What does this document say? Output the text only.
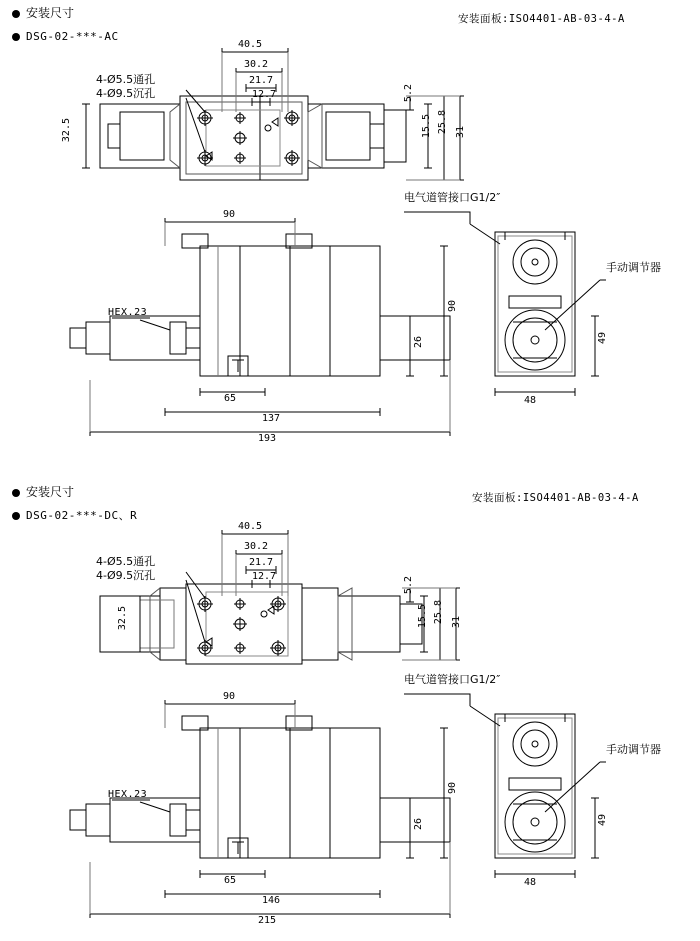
安装尺寸
DSG-02-***-AC
安装面板:ISO4401-AB-03-4-A
40.5
30.2
21.7
12.7	5.2
32.5	15.5 25.8 31
4-Ø5.5通孔
4-Ø9.5沉孔
90
65
137
193
90
26
HEX.23
48
49
电气道管接口G1/2″
手动调节器
安装尺寸
DSG-02-***-DC、R
安装面板:ISO4401-AB-03-4-A
40.5
30.2
21.7
12.7	5.2
32.5	15.5 25.8 31
4-Ø5.5通孔
4-Ø9.5沉孔
90
65
146
215
90
26
HEX.23
48
49
电气道管接口G1/2″
手动调节器
